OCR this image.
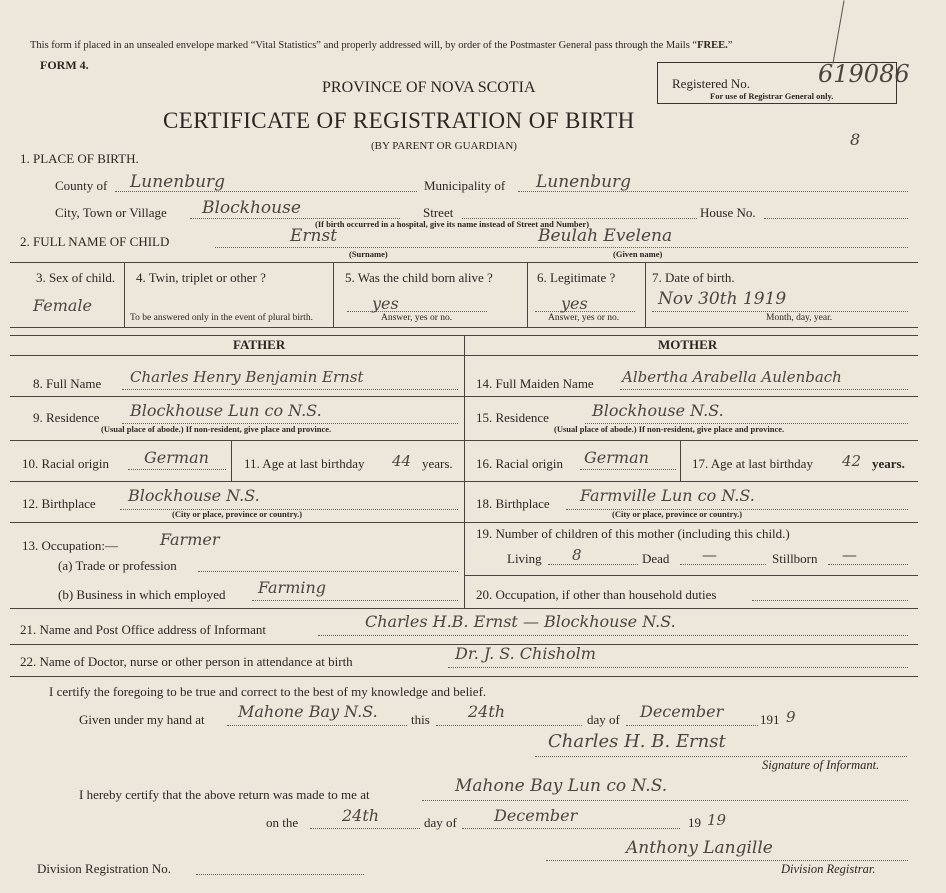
This form if placed in an unsealed envelope marked “Vital Statistics” and properly addressed will, by order of the Postmaster General pass through the Mails “FREE.”
FORM 4.
Registered No.	619086
For use of Registrar General only.
8
PROVINCE OF NOVA SCOTIA
CERTIFICATE OF REGISTRATION OF BIRTH
(BY PARENT OR GUARDIAN)
1. PLACE OF BIRTH.
County of Lunenburg	Municipality of Lunenburg
City, Town or Village Blockhouse	Street	House No.
(If birth occurred in a hospital, give its name instead of Street and Number)
2. FULL NAME OF CHILD	Ernst	Beulah Evelena
(Surname)	(Given name)
3. Sex of child.
Female
4. Twin, triplet or other ?
To be answered only in the event of plural birth.
5. Was the child born alive ?
yes
Answer, yes or no.
6. Legitimate ?
yes
Answer, yes or no.
7. Date of birth.
Nov 30th 1919
Month, day, year.
FATHER	MOTHER
8. Full Name Charles Henry Benjamin Ernst
9. Residence Blockhouse Lun co N.S.
(Usual place of abode.) If non-resident, give place and province.
10. Racial origin German	11. Age at last birthday 44 years.
12. Birthplace Blockhouse N.S.
(City or place, province or country.)
13. Occupation:—	Farmer
(a) Trade or profession
(b) Business in which employed Farming
14. Full Maiden Name Albertha Arabella Aulenbach
15. Residence	Blockhouse N.S.
(Usual place of abode.) If non-resident, give place and province.
16. Racial origin German	17. Age at last birthday 42 years.
18. Birthplace Farmville Lun co N.S.
(City or place, province or country.)
19. Number of children of this mother (including this child.)
Living 8	Dead —	Stillborn —
20. Occupation, if other than household duties
21. Name and Post Office address of Informant	Charles H.B. Ernst — Blockhouse N.S.
22. Name of Doctor, nurse or other person in attendance at birth	Dr. J. S. Chisholm
I certify the foregoing to be true and correct to the best of my knowledge and belief.
Given under my hand at Mahone Bay N.S.	this 24th	day of December	191 9
Charles H. B. Ernst
Signature of Informant.
I hereby certify that the above return was made to me at	Mahone Bay Lun co N.S.
on the	24th	day of December	19 19
Division Registration No.
Anthony Langille
Division Registrar.
